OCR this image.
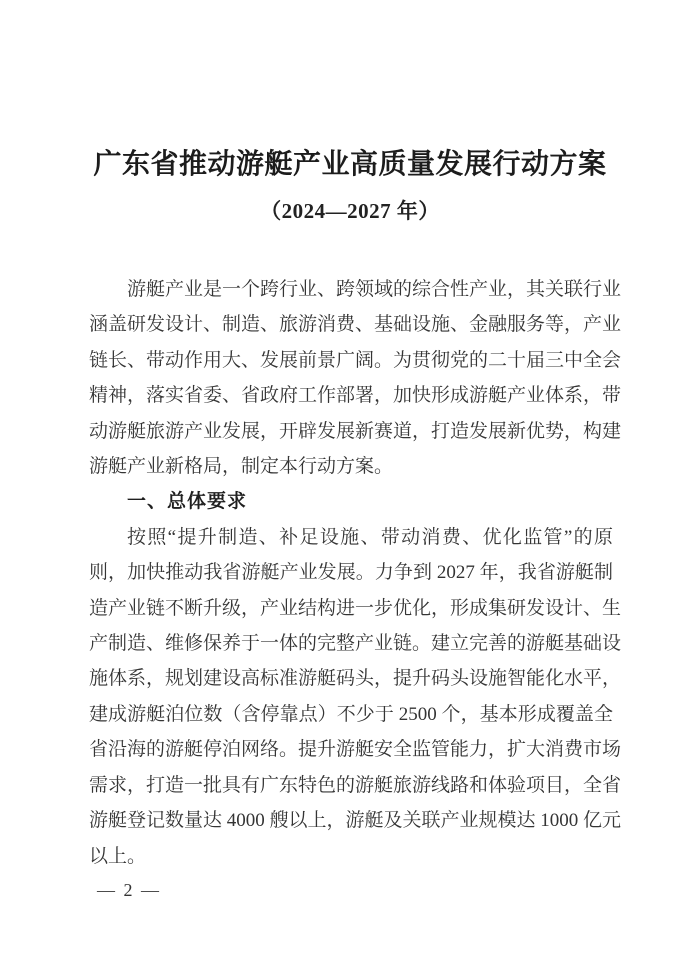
广东省推动游艇产业高质量发展行动方案
（2024—2027 年）

游艇产业是一个跨行业、跨领域的综合性产业，其关联行业

涵盖研发设计、制造、旅游消费、基础设施、金融服务等，产业

链长、带动作用大、发展前景广阔。为贯彻党的二十届三中全会

精神，落实省委、省政府工作部署，加快形成游艇产业体系，带

动游艇旅游产业发展，开辟发展新赛道，打造发展新优势，构建

游艇产业新格局，制定本行动方案。

一、总体要求

按照“提升制造、补足设施、带动消费、优化监管”的原

则，加快推动我省游艇产业发展。力争到 2027 年，我省游艇制

造产业链不断升级，产业结构进一步优化，形成集研发设计、生

产制造、维修保养于一体的完整产业链。建立完善的游艇基础设

施体系，规划建设高标准游艇码头，提升码头设施智能化水平，

建成游艇泊位数（含停靠点）不少于 2500 个，基本形成覆盖全

省沿海的游艇停泊网络。提升游艇安全监管能力，扩大消费市场

需求，打造一批具有广东特色的游艇旅游线路和体验项目，全省

游艇登记数量达 4000 艘以上，游艇及关联产业规模达 1000 亿元

以上。

— 2 —
